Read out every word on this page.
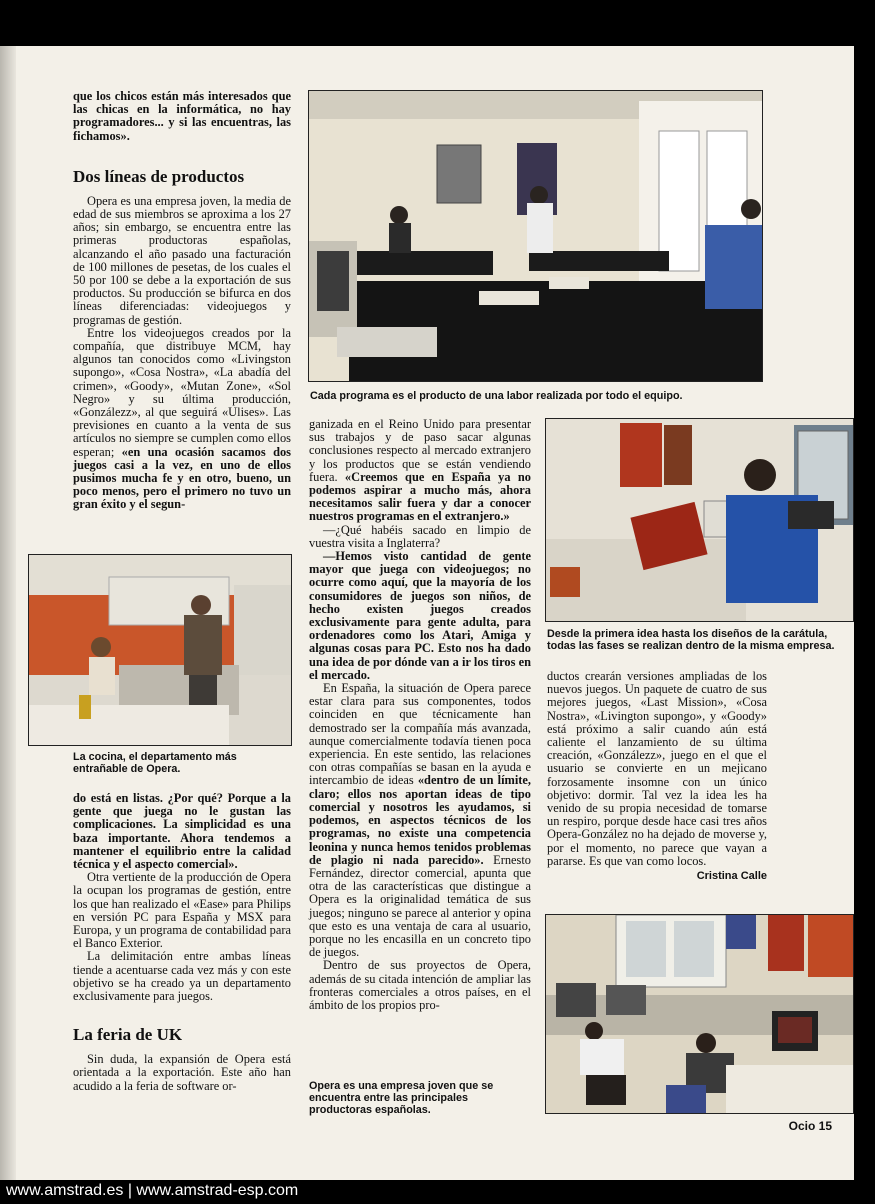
que los chicos están más interesados que las chicas en la informática, no hay programadores... y si las encuentras, las fichamos».

Dos líneas de productos

Opera es una empresa joven, la media de edad de sus miembros se aproxima a los 27 años; sin embargo, se encuentra entre las primeras productoras españolas, alcanzando el año pasado una facturación de 100 millones de pesetas, de los cuales el 50 por 100 se debe a la exportación de sus productos. Su producción se bifurca en dos líneas diferenciadas: videojuegos y programas de gestión.

Entre los videojuegos creados por la compañía, que distribuye MCM, hay algunos tan conocidos como «Livingston supongo», «Cosa Nostra», «La abadía del crimen», «Goody», «Mutan Zone», «Sol Negro» y su última producción, «Gonzálezz», al que seguirá «Ulises». Las previsiones en cuanto a la venta de sus artículos no siempre se cumplen como ellos esperan; «en una ocasión sacamos dos juegos casi a la vez, en uno de ellos pusimos mucha fe y en otro, bueno, un poco menos, pero el primero no tuvo un gran éxito y el segun-

La cocina, el departamento más entrañable de Opera.

do está en listas. ¿Por qué? Porque a la gente que juega no le gustan las complicaciones. La simplicidad es una baza importante. Ahora tendemos a mantener el equilibrio entre la calidad técnica y el aspecto comercial».

Otra vertiente de la producción de Opera la ocupan los programas de gestión, entre los que han realizado el «Ease» para Philips en versión PC para España y MSX para Europa, y un programa de contabilidad para el Banco Exterior.

La delimitación entre ambas líneas tiende a acentuarse cada vez más y con este objetivo se ha creado ya un departamento exclusivamente para juegos.

La feria de UK

Sin duda, la expansión de Opera está orientada a la exportación. Este año han acudido a la feria de software or-

Cada programa es el producto de una labor realizada por todo el equipo.

ganizada en el Reino Unido para presentar sus trabajos y de paso sacar algunas conclusiones respecto al mercado extranjero y los productos que se están vendiendo fuera. «Creemos que en España ya no podemos aspirar a mucho más, ahora necesitamos salir fuera y dar a conocer nuestros programas en el extranjero.»

—¿Qué habéis sacado en limpio de vuestra visita a Inglaterra?

—Hemos visto cantidad de gente mayor que juega con videojuegos; no ocurre como aquí, que la mayoría de los consumidores de juegos son niños, de hecho existen juegos creados exclusivamente para gente adulta, para ordenadores como los Atari, Amiga y algunas cosas para PC. Esto nos ha dado una idea de por dónde van a ir los tiros en el mercado.

En España, la situación de Opera parece estar clara para sus componentes, todos coinciden en que técnicamente han demostrado ser la compañía más avanzada, aunque comercialmente todavía tienen poca experiencia. En este sentido, las relaciones con otras compañías se basan en la ayuda e intercambio de ideas «dentro de un límite, claro; ellos nos aportan ideas de tipo comercial y nosotros les ayudamos, si podemos, en aspectos técnicos de los programas, no existe una competencia leonina y nunca hemos tenidos problemas de plagio ni nada parecido». Ernesto Fernández, director comercial, apunta que otra de las características que distingue a Opera es la originalidad temática de sus juegos; ninguno se parece al anterior y opina que esto es una ventaja de cara al usuario, porque no les encasilla en un concreto tipo de juegos.

Dentro de sus proyectos de Opera, además de su citada intención de ampliar las fronteras comerciales a otros países, en el ámbito de los propios pro-

Opera es una empresa joven que se encuentra entre las principales productoras españolas.

Desde la primera idea hasta los diseños de la carátula, todas las fases se realizan dentro de la misma empresa.

ductos crearán versiones ampliadas de los nuevos juegos. Un paquete de cuatro de sus mejores juegos, «Last Mission», «Cosa Nostra», «Livington supongo», y «Goody» está próximo a salir cuando aún está caliente el lanzamiento de su última creación, «Gonzálezz», juego en el que el usuario se convierte en un mejicano forzosamente insomne con un único objetivo: dormir. Tal vez la idea les ha venido de su propia necesidad de tomarse un respiro, porque desde hace casi tres años Opera-González no ha dejado de moverse y, por el momento, no parece que vayan a pararse. Es que van como locos.

Cristina Calle

Ocio 15

www.amstrad.es | www.amstrad-esp.com
